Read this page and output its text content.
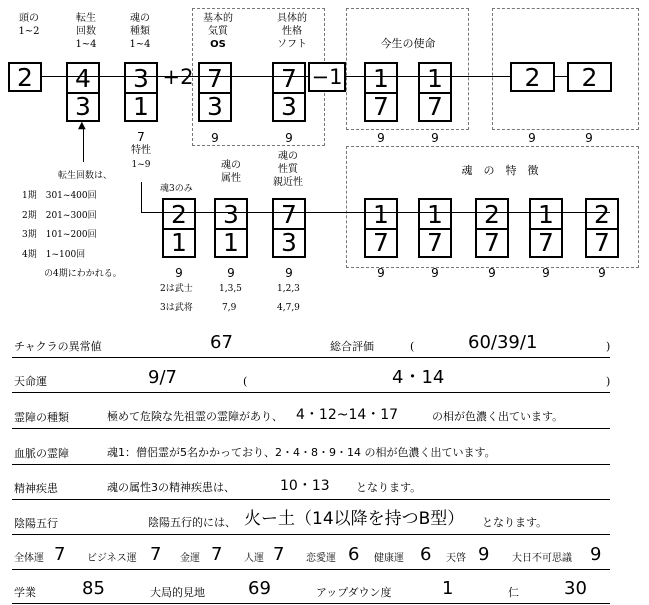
頭の
1~2
転生
回数
1~4
魂の
種類
1~4
基本的
気質
OS
具体的
性格
ソフト	今生の使命
2	4
3
3
1
+2 7
3
7
3
−1 1
7
1
7
2	2
9	9	9	9	9	9
▲
転生回数は、
1期　301~400回
2期　201~300回
3期　101~200回
4期　1~100回
の4期にわかれる。
7
特性
1~9	魂の
属性
魂の
性質
親近性
魂3のみ
魂　の　特　徴
2
1
3
1
7
3
1
7
1
7
2
7
1
7
2
7
9	9	9	9	9	9	9	9
2は武士
3は武将
1,3,5
7,9
1,2,3
4,7,9
チャクラの異常値	67	総合評価	(	60/39/1	)
天命運	9/7	(	4・14	)
霊障の種類	極めて危険な先祖霊の霊障があり、 4・12~14・17	の相が色濃く出ています。
血脈の霊障	魂1：僧侶霊が5名かかっており、2・4・8・9・14 の相が色濃く出ています。
精神疾患	魂の属性3の精神疾患は、	10・13 となります。
陰陽五行	陰陽五行的には、 火ー土（14以降を持つB型） となります。
全体運 7 ビジネス運 7 金運 7 人運 7 恋愛運 6 健康運 6 天啓 9 大日不可思議 9
学業	85	大局的見地 69	アップダウン度	1	仁	30
